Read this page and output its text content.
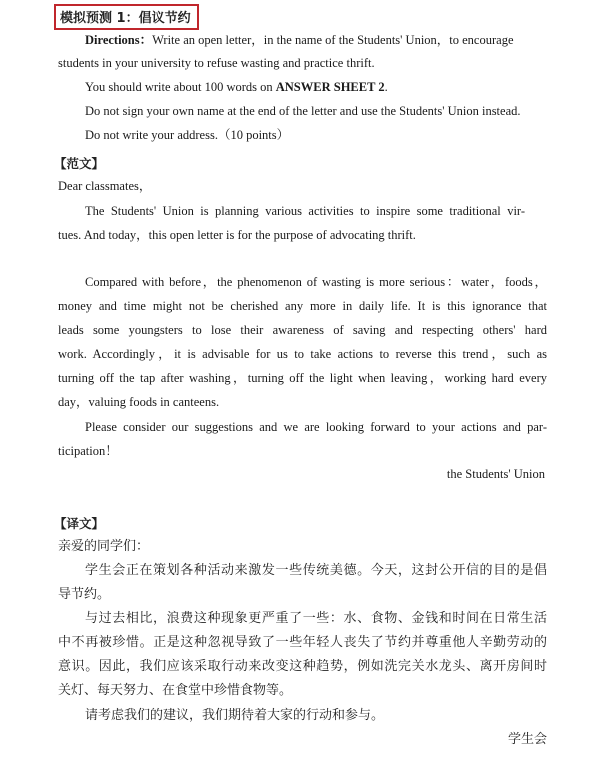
模拟预测 1：倡议节约
Directions：Write an open letter，in the name of the Students' Union，to encourage
students in your university to refuse wasting and practice thrift.
You should write about 100 words on ANSWER SHEET 2.
Do not sign your own name at the end of the letter and use the Students' Union instead.
Do not write your address.（10 points）
【范文】
Dear classmates，
The Students' Union is planning various activities to inspire some traditional vir-
tues. And today，this open letter is for the purpose of advocating thrift.
Compared with before，the phenomenon of wasting is more serious：water，foods，
money and time might not be cherished any more in daily life. It is this ignorance that
leads some youngsters to lose their awareness of saving and respecting others' hard
work. Accordingly，it is advisable for us to take actions to reverse this trend，such as
turning off the tap after washing，turning off the light when leaving，working hard every
day，valuing foods in canteens.
Please consider our suggestions and we are looking forward to your actions and par-
ticipation！
the Students' Union
【译文】
亲爱的同学们：
学生会正在策划各种活动来激发一些传统美德。今天，这封公开信的目的是倡
导节约。
与过去相比，浪费这种现象更严重了一些：水、食物、金钱和时间在日常生活
中不再被珍惜。正是这种忽视导致了一些年轻人丧失了节约并尊重他人辛勤劳动的
意识。因此，我们应该采取行动来改变这种趋势，例如洗完关水龙头、离开房间时
关灯、每天努力、在食堂中珍惜食物等。
请考虑我们的建议，我们期待着大家的行动和参与。
学生会
